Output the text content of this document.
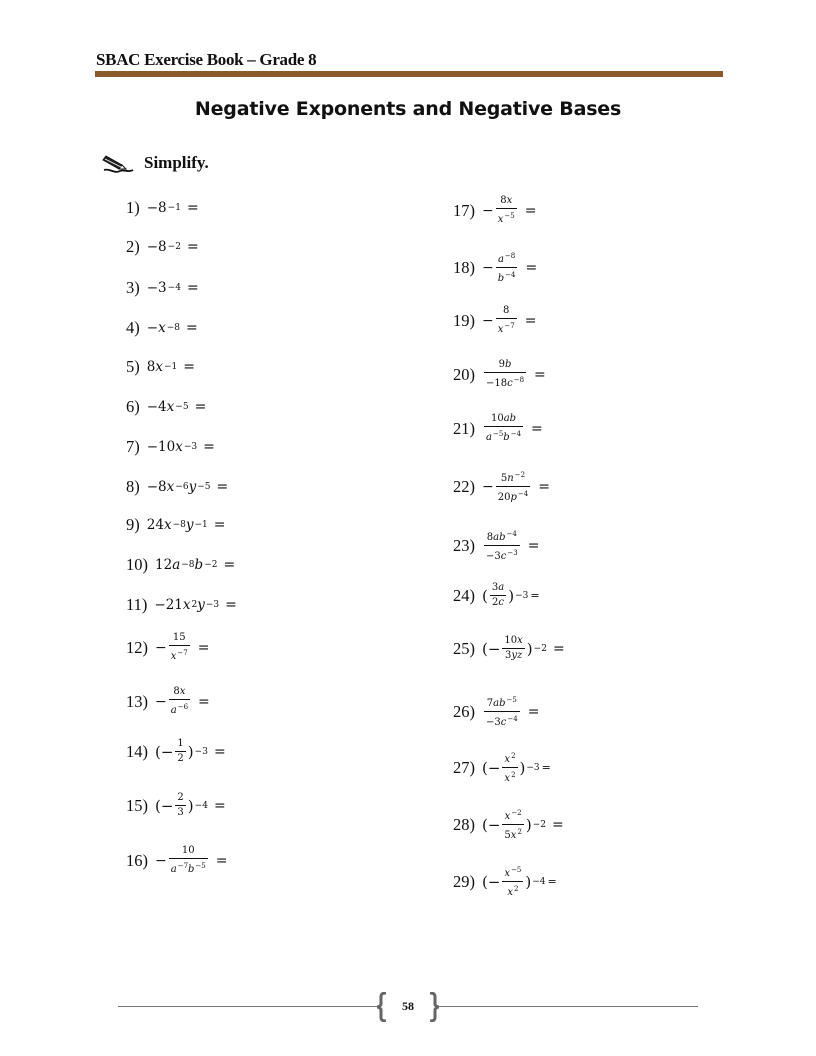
SBAC Exercise Book – Grade 8
Negative Exponents and Negative Bases
Simplify.
1) −8 −1 =
2) −8 −2 =
3) −3 −4 =
4) − x −8 =
5) 8 x −1 =
6) −4 x −5 =
7) −10 x −3 =
8) −8 x −6 y −5 =
9) 24 x −8 y −1 =
10) 12 a −8 b −2 =
11) −21 x 2 y −3 =
12) −
15
$x^{-7}$ =
13) −
8x
$a^{-6}$ =
14) (− 1
2 ) −3 =
15) (− 2
3 ) −4 =
16) −
10
$a^{-7}b^{-5}$ =
17) −
8x
$x^{-5}$ =
$18) - a^{-8}$
$b^{-4}$ =
19) −
8
$x^{-7}$ =
20) 9b
$-18c^{-8}$ =
21) 10ab
$a^{-5}b^{-4}$ =
$22) - 5n^{-2}$
$20p^{-4}$ =
23) $8ab^{-4}$
$-3c^{-3}$ =
24) ( 3a
2c ) −3 =
25) (− 10x
3yz ) −2 =
26) $7ab^{-5}$
$-3c^{-4}$ =
27) (− $x^2$
$x^2$ ) −3 =
28) (− $x^{-2}$
$5x^2$ ) −2 =
29) (− $x^{-5}$
$x^2$ ) −4 =
58
